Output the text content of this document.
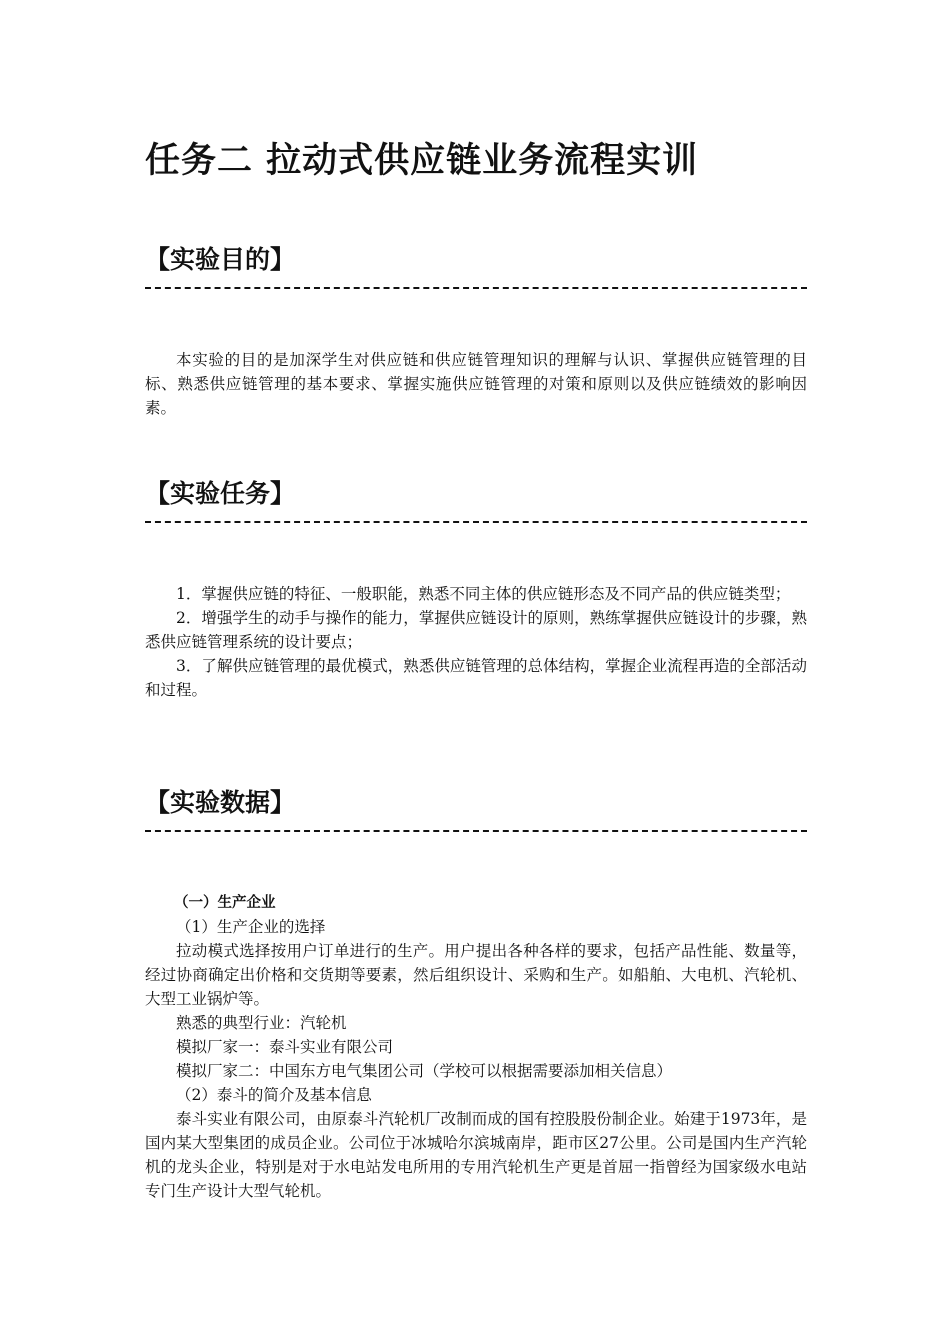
任务二 拉动式供应链业务流程实训
【实验目的】

本实验的目的是加深学生对供应链和供应链管理知识的理解与认识、掌握供应链管理的目标、熟悉供应链管理的基本要求、掌握实施供应链管理的对策和原则以及供应链绩效的影响因素。

【实验任务】

1．掌握供应链的特征、一般职能，熟悉不同主体的供应链形态及不同产品的供应链类型；

2．增强学生的动手与操作的能力，掌握供应链设计的原则，熟练掌握供应链设计的步骤，熟悉供应链管理系统的设计要点；

3．了解供应链管理的最优模式，熟悉供应链管理的总体结构，掌握企业流程再造的全部活动和过程。

【实验数据】

（一）生产企业

（1）生产企业的选择

拉动模式选择按用户订单进行的生产。用户提出各种各样的要求，包括产品性能、数量等，经过协商确定出价格和交货期等要素，然后组织设计、采购和生产。如船舶、大电机、汽轮机、大型工业锅炉等。

熟悉的典型行业：汽轮机

模拟厂家一：泰斗实业有限公司

模拟厂家二：中国东方电气集团公司（学校可以根据需要添加相关信息）

（2）泰斗的简介及基本信息

泰斗实业有限公司，由原泰斗汽轮机厂改制而成的国有控股股份制企业。始建于1973年，是国内某大型集团的成员企业。公司位于冰城哈尔滨城南岸，距市区27公里。公司是国内生产汽轮机的龙头企业，特别是对于水电站发电所用的专用汽轮机生产更是首屈一指曾经为国家级水电站专门生产设计大型气轮机。
